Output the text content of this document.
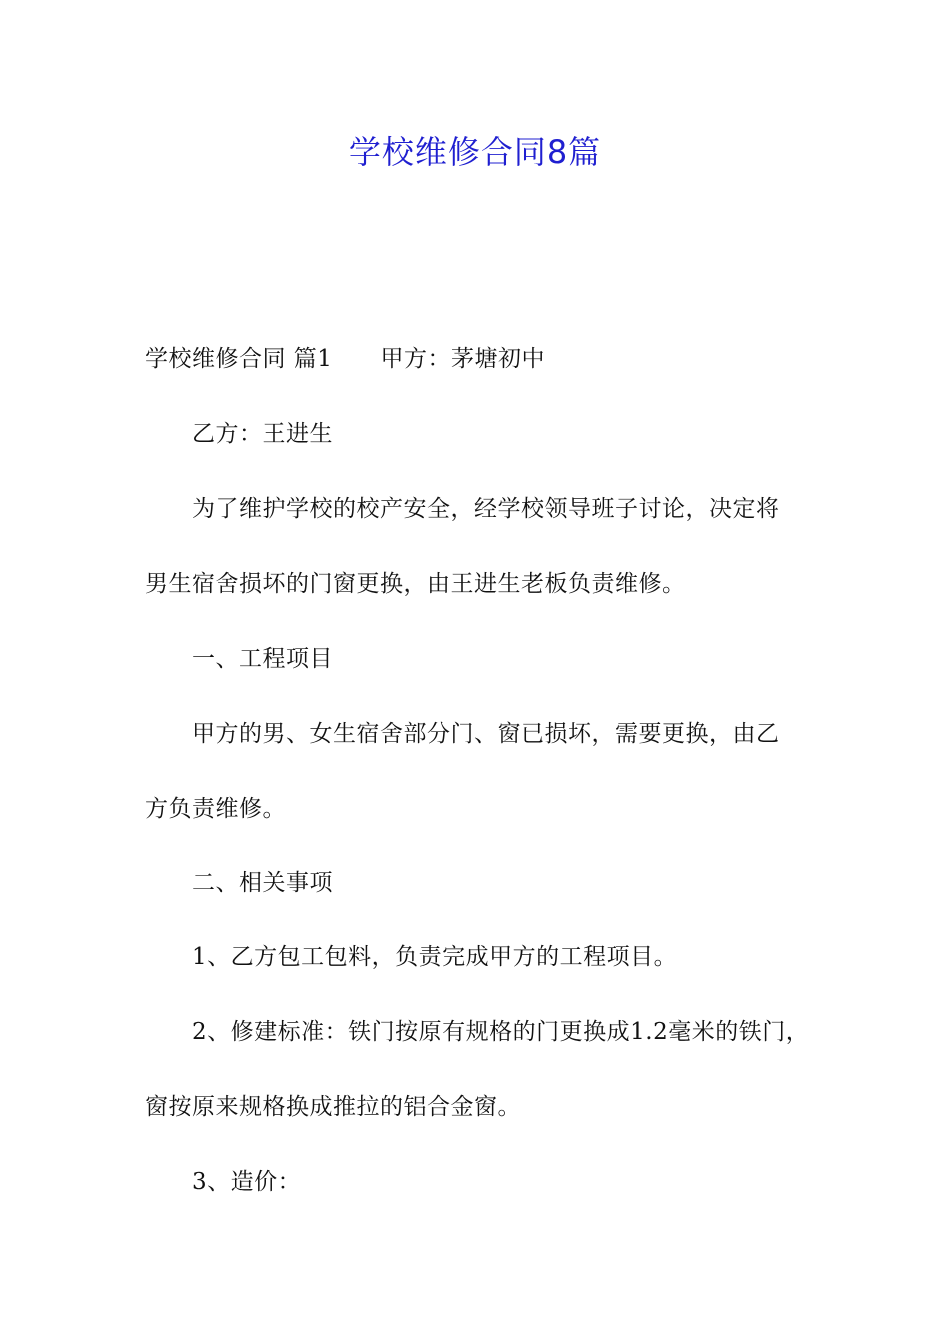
学校维修合同8篇
学校维修合同 篇1 甲方：茅塘初中
乙方：王进生
为了维护学校的校产安全，经学校领导班子讨论，决定将
男生宿舍损坏的门窗更换，由王进生老板负责维修。
一、工程项目
甲方的男、女生宿舍部分门、窗已损坏，需要更换，由乙
方负责维修。
二、相关事项
1、乙方包工包料，负责完成甲方的工程项目。
2、修建标准：铁门按原有规格的门更换成1.2毫米的铁门，
窗按原来规格换成推拉的铝合金窗。
3、造价：
